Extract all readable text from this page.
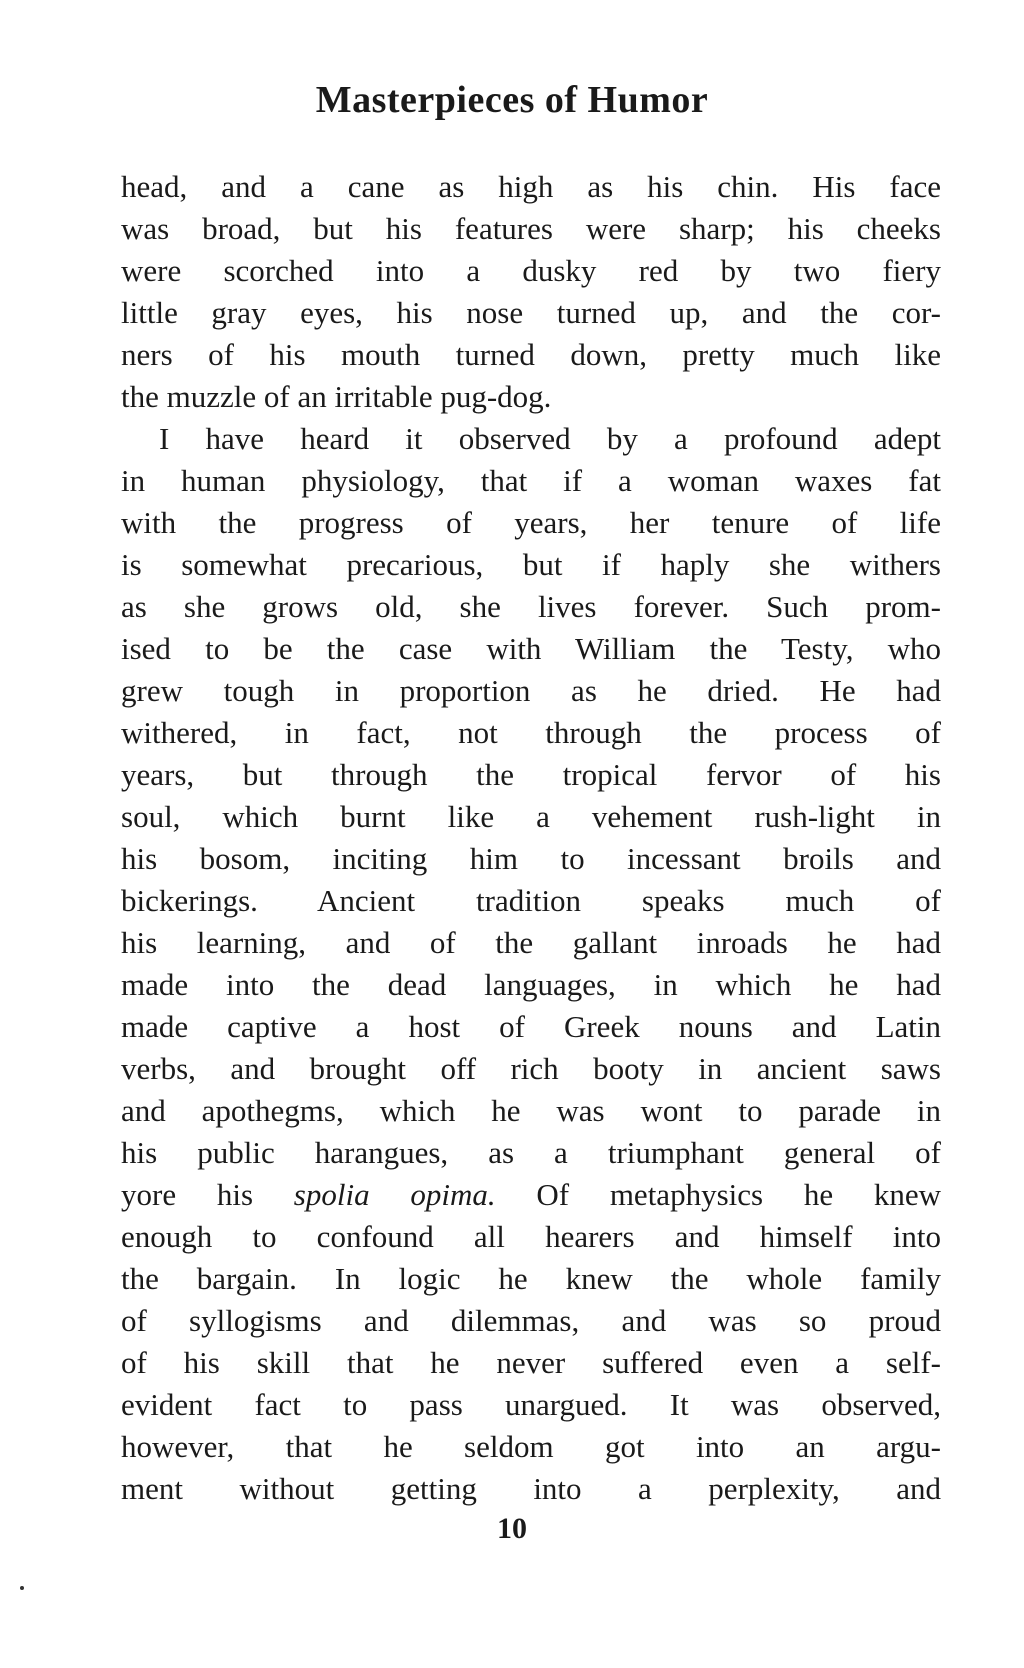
Masterpieces of Humor
head, and a cane as high as his chin. His face
was broad, but his features were sharp; his cheeks
were scorched into a dusky red by two fiery
little gray eyes, his nose turned up, and the cor-
ners of his mouth turned down, pretty much like
the muzzle of an irritable pug-dog.
I have heard it observed by a profound adept
in human physiology, that if a woman waxes fat
with the progress of years, her tenure of life
is somewhat precarious, but if haply she withers
as she grows old, she lives forever. Such prom-
ised to be the case with William the Testy, who
grew tough in proportion as he dried. He had
withered, in fact, not through the process of
years, but through the tropical fervor of his
soul, which burnt like a vehement rush-light in
his bosom, inciting him to incessant broils and
bickerings. Ancient tradition speaks much of
his learning, and of the gallant inroads he had
made into the dead languages, in which he had
made captive a host of Greek nouns and Latin
verbs, and brought off rich booty in ancient saws
and apothegms, which he was wont to parade in
his public harangues, as a triumphant general of
yore his spolia opima. Of metaphysics he knew
enough to confound all hearers and himself into
the bargain. In logic he knew the whole family
of syllogisms and dilemmas, and was so proud
of his skill that he never suffered even a self-
evident fact to pass unargued. It was observed,
however, that he seldom got into an argu-
ment without getting into a perplexity, and
10
